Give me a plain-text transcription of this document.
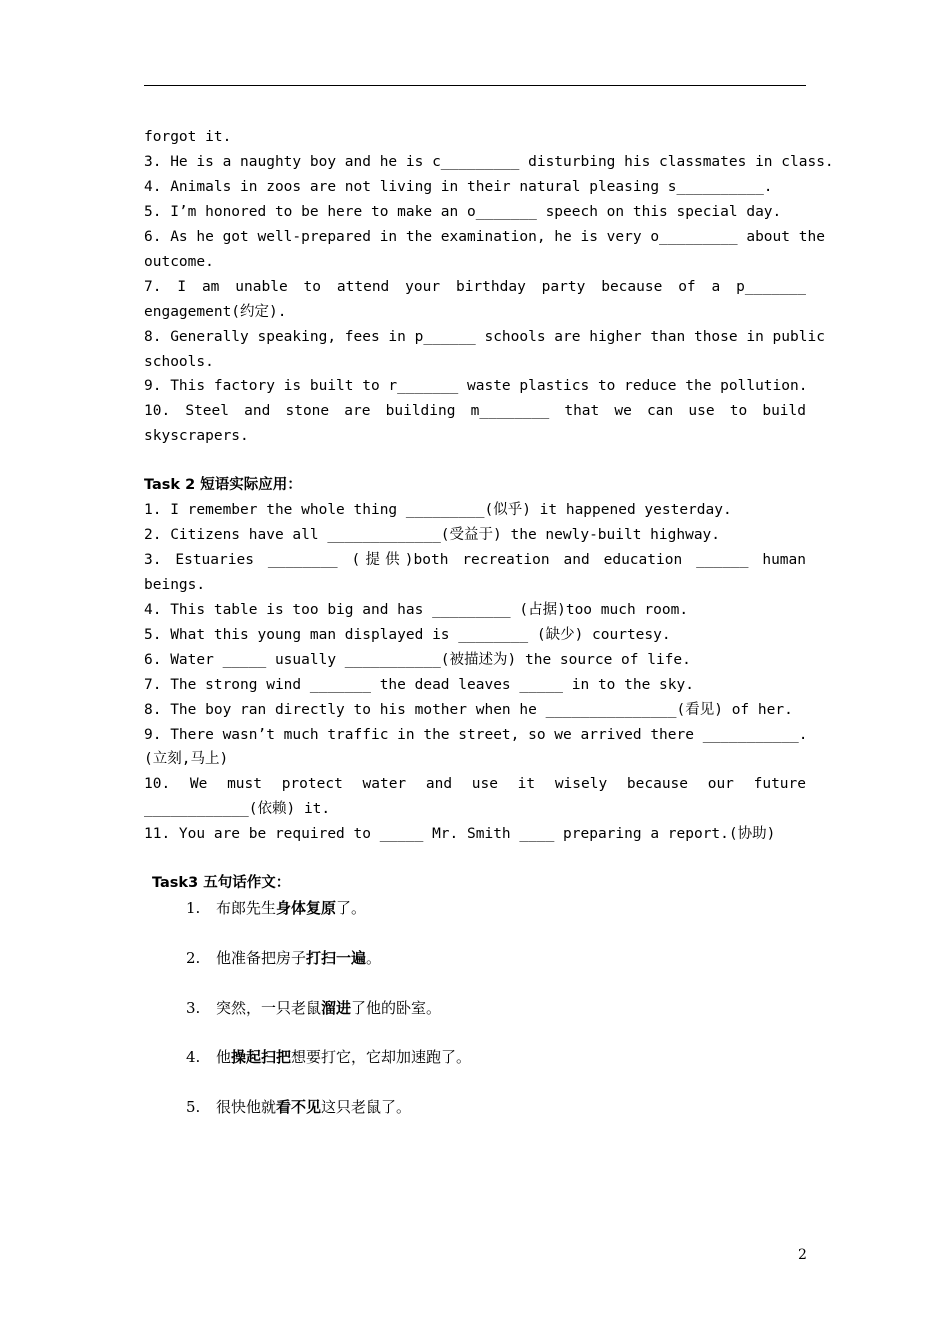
forgot it.
3. He is a naughty boy and he is c_________ disturbing his classmates in class.
4. Animals in zoos are not living in their natural pleasing s__________.
5. I’m honored to be here to make an o_______ speech on this special day.
6. As he got well-prepared in the examination, he is very o_________ about the
outcome.
7. I am unable to attend your birthday party because of a p_______
engagement(约定).
8. Generally speaking, fees in p______ schools are higher than those in public
schools.
9. This factory is built to r_______ waste plastics to reduce the pollution.
10. Steel and stone are building m________ that we can use to build
skyscrapers.
Task 2 短语实际应用：
1. I remember the whole thing _________(似乎) it happened yesterday.
2. Citizens have all _____________(受益于) the newly-built highway.
3. Estuaries ________ (提供)both recreation and education ______ human
beings.
4. This table is too big and has _________ (占据)too much room.
5. What this young man displayed is ________ (缺少) courtesy.
6. Water _____ usually ___________(被描述为) the source of life.
7. The strong wind _______ the dead leaves _____ in to the sky.
8. The boy ran directly to his mother when he _______________(看见) of her.
9. There wasn’t much traffic in the street, so we arrived there ___________.
(立刻,马上)
10. We must protect water and use it wisely because our future
____________(依赖) it.
11. You are be required to _____ Mr. Smith ____ preparing a report.(协助)
Task3 五句话作文：
1. 布郎先生身体复原了。
2. 他准备把房子打扫一遍。
3. 突然，一只老鼠溜进了他的卧室。
4. 他操起扫把想要打它，它却加速跑了。
5. 很快他就看不见这只老鼠了。
2
